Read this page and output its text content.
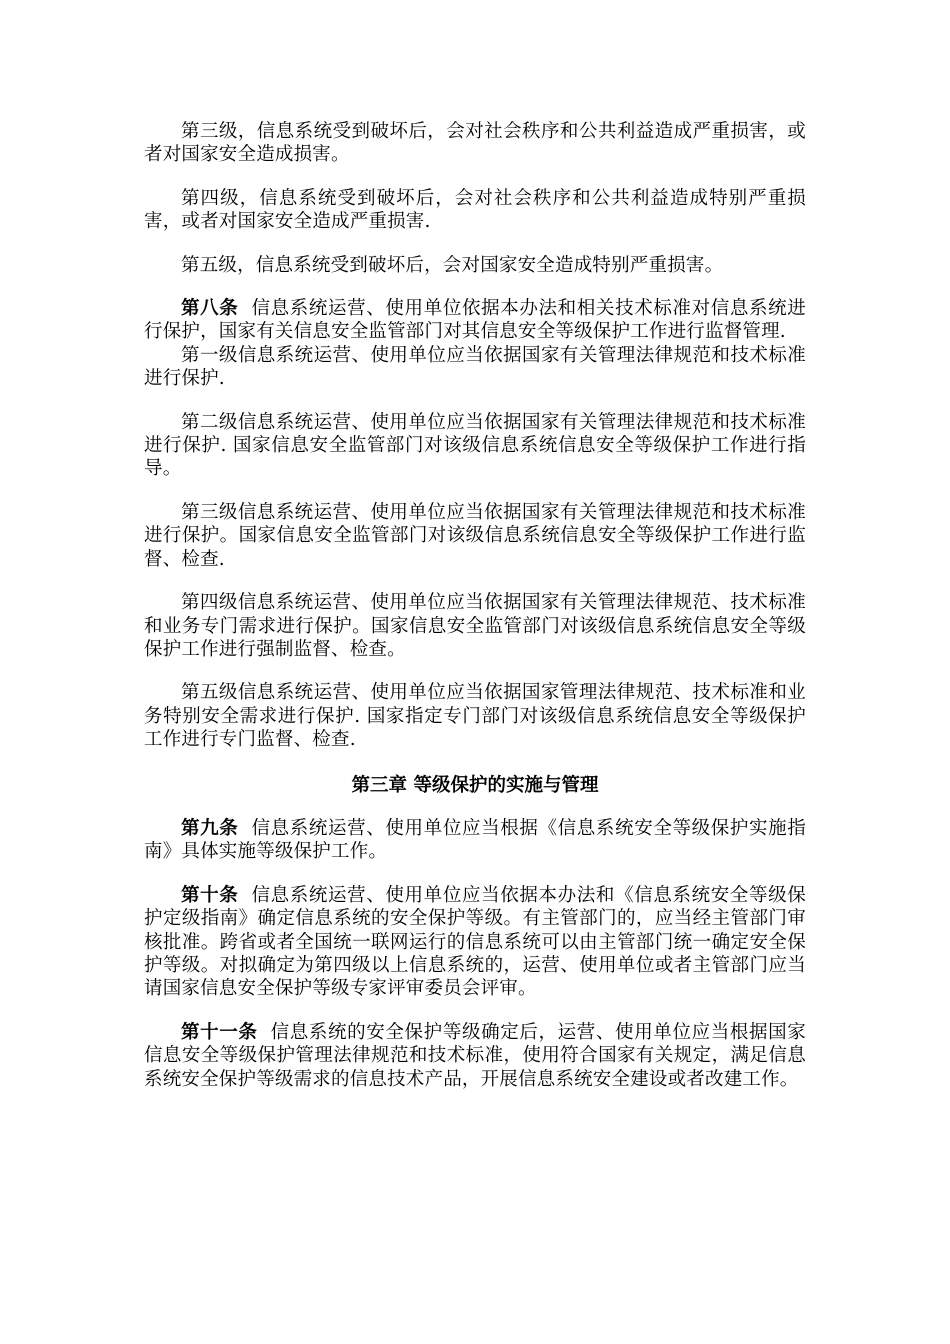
第三级，信息系统受到破坏后，会对社会秩序和公共利益造成严重损害，或者对国家安全造成损害。

第四级，信息系统受到破坏后，会对社会秩序和公共利益造成特别严重损害，或者对国家安全造成严重损害.

第五级，信息系统受到破坏后，会对国家安全造成特别严重损害。

第八条 信息系统运营、使用单位依据本办法和相关技术标准对信息系统进行保护，国家有关信息安全监管部门对其信息安全等级保护工作进行监督管理.

第一级信息系统运营、使用单位应当依据国家有关管理法律规范和技术标准进行保护.

第二级信息系统运营、使用单位应当依据国家有关管理法律规范和技术标准进行保护. 国家信息安全监管部门对该级信息系统信息安全等级保护工作进行指导。

第三级信息系统运营、使用单位应当依据国家有关管理法律规范和技术标准进行保护。国家信息安全监管部门对该级信息系统信息安全等级保护工作进行监督、检查.

第四级信息系统运营、使用单位应当依据国家有关管理法律规范、技术标准和业务专门需求进行保护。国家信息安全监管部门对该级信息系统信息安全等级保护工作进行强制监督、检查。

第五级信息系统运营、使用单位应当依据国家管理法律规范、技术标准和业务特别安全需求进行保护. 国家指定专门部门对该级信息系统信息安全等级保护工作进行专门监督、检查.

第三章 等级保护的实施与管理

第九条 信息系统运营、使用单位应当根据《信息系统安全等级保护实施指南》具体实施等级保护工作。

第十条 信息系统运营、使用单位应当依据本办法和《信息系统安全等级保护定级指南》确定信息系统的安全保护等级。有主管部门的，应当经主管部门审核批准。跨省或者全国统一联网运行的信息系统可以由主管部门统一确定安全保护等级。对拟确定为第四级以上信息系统的，运营、使用单位或者主管部门应当请国家信息安全保护等级专家评审委员会评审。

第十一条 信息系统的安全保护等级确定后，运营、使用单位应当根据国家信息安全等级保护管理法律规范和技术标准，使用符合国家有关规定，满足信息系统安全保护等级需求的信息技术产品，开展信息系统安全建设或者改建工作。
